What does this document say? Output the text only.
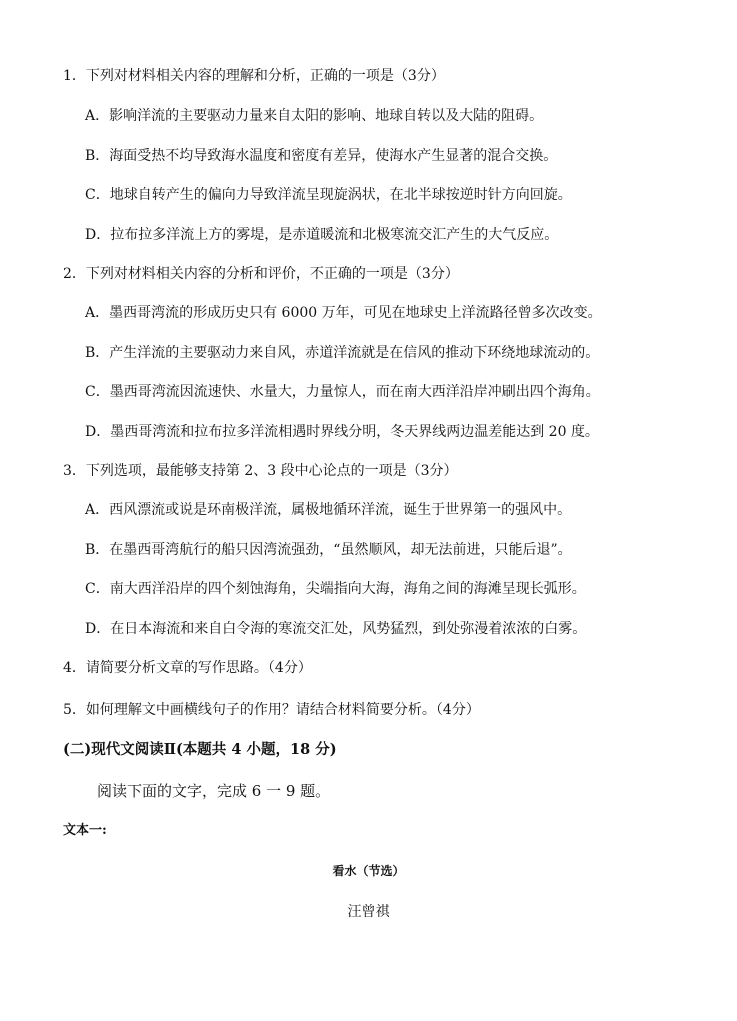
1．下列对材料相关内容的理解和分析，正确的一项是（3分）
A．影响洋流的主要驱动力量来自太阳的影响、地球自转以及大陆的阻碍。
B．海面受热不均导致海水温度和密度有差异，使海水产生显著的混合交换。
C．地球自转产生的偏向力导致洋流呈现旋涡状，在北半球按逆时针方向回旋。
D．拉布拉多洋流上方的雾堤，是赤道暖流和北极寒流交汇产生的大气反应。
2．下列对材料相关内容的分析和评价，不正确的一项是（3分）
A．墨西哥湾流的形成历史只有 6000 万年，可见在地球史上洋流路径曾多次改变。
B．产生洋流的主要驱动力来自风，赤道洋流就是在信风的推动下环绕地球流动的。
C．墨西哥湾流因流速快、水量大，力量惊人，而在南大西洋沿岸冲刷出四个海角。
D．墨西哥湾流和拉布拉多洋流相遇时界线分明，冬天界线两边温差能达到 20 度。
3．下列选项，最能够支持第 2、3 段中心论点的一项是（3分）
A．西风漂流或说是环南极洋流，属极地循环洋流，诞生于世界第一的强风中。
B．在墨西哥湾航行的船只因湾流强劲，“虽然顺风，却无法前进，只能后退”。
C．南大西洋沿岸的四个刻蚀海角，尖端指向大海，海角之间的海滩呈现长弧形。
D．在日本海流和来自白令海的寒流交汇处，风势猛烈，到处弥漫着浓浓的白雾。
4．请简要分析文章的写作思路。（4分）
5．如何理解文中画横线句子的作用？请结合材料简要分析。（4分）
(二)现代文阅读Ⅱ(本题共 4 小题，18 分)
阅读下面的文字，完成 6 一 9 题。
文本一:
看水（节选）
汪曾祺
